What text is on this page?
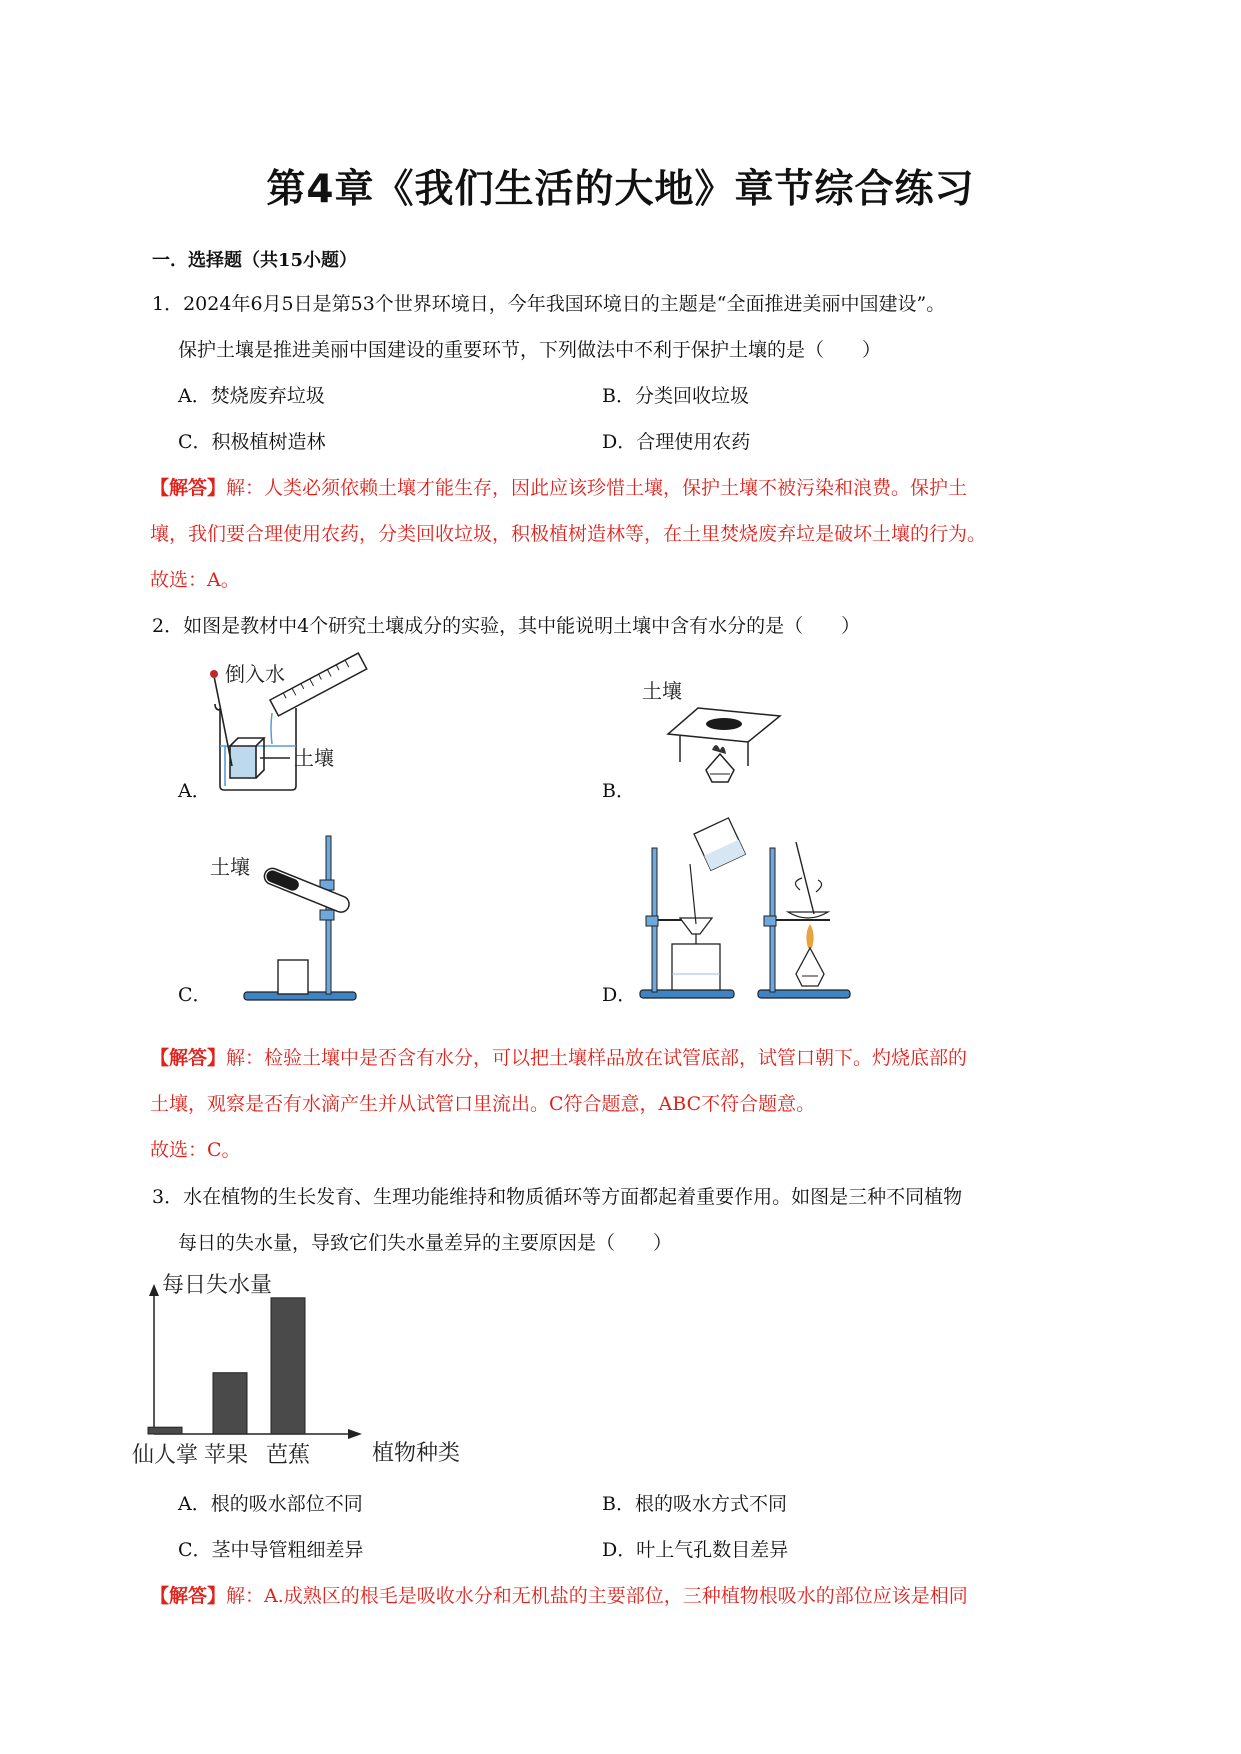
第4章《我们生活的大地》章节综合练习
一．选择题（共15小题）
1．2024年6月5日是第53个世界环境日，今年我国环境日的主题是“全面推进美丽中国建设”。
保护土壤是推进美丽中国建设的重要环节，下列做法中不利于保护土壤的是（　　）
A．焚烧废弃垃圾	B．分类回收垃圾
C．积极植树造林	D．合理使用农药
【解答】解：人类必须依赖土壤才能生存，因此应该珍惜土壤，保护土壤不被污染和浪费。保护土
壤，我们要合理使用农药，分类回收垃圾，积极植树造林等，在土里焚烧废弃垃是破坏土壤的行为。
故选：A。
2．如图是教材中4个研究土壤成分的实验，其中能说明土壤中含有水分的是（　　）
倒入水
土壤
A．
土壤
B．
土壤
C．	D．
【解答】解：检验土壤中是否含有水分，可以把土壤样品放在试管底部，试管口朝下。灼烧底部的
土壤，观察是否有水滴产生并从试管口里流出。C符合题意，ABC不符合题意。
故选：C。
3．水在植物的生长发育、生理功能维持和物质循环等方面都起着重要作用。如图是三种不同植物
每日的失水量，导致它们失水量差异的主要原因是（　　）
每日失水量
植物种类
仙人掌 苹果 芭蕉
A．根的吸水部位不同	B．根的吸水方式不同
C．茎中导管粗细差异	D．叶上气孔数目差异
【解答】解：A.成熟区的根毛是吸收水分和无机盐的主要部位，三种植物根吸水的部位应该是相同
